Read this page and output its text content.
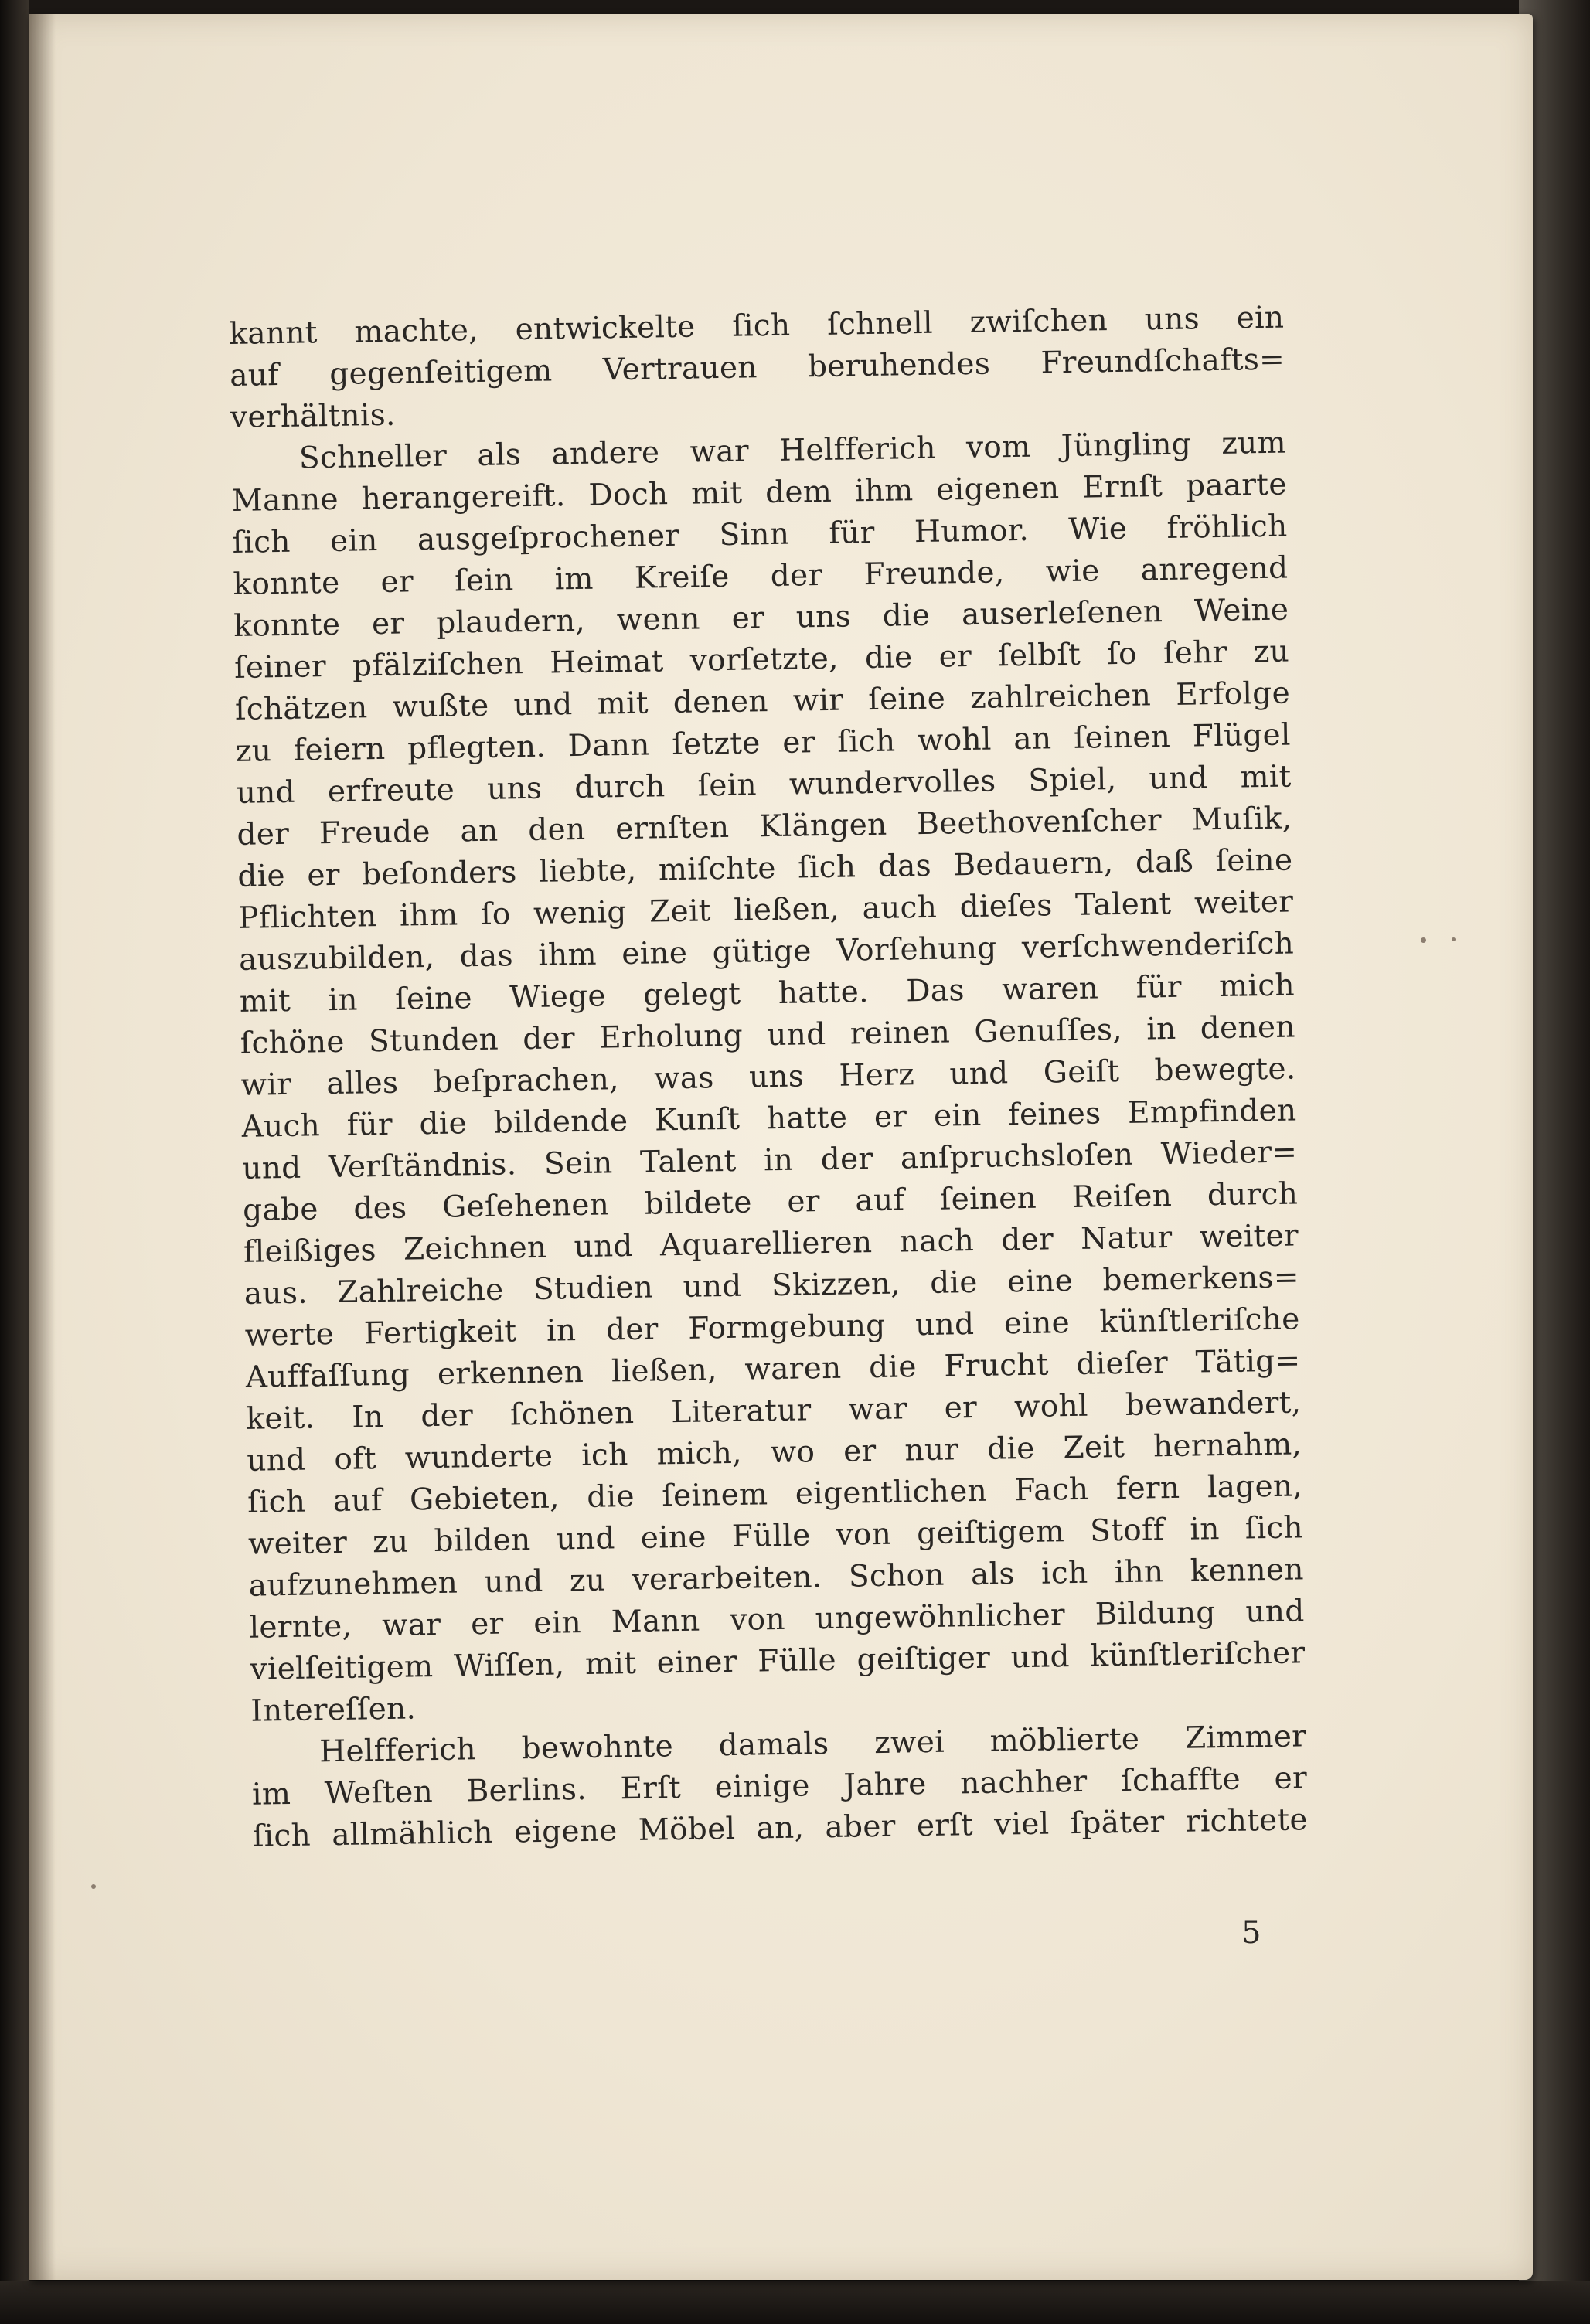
kannt machte, entwickelte ſich ſchnell zwiſchen uns ein
auf gegenſeitigem Vertrauen beruhendes Freundſchafts=
verhältnis.
Schneller als andere war Helfferich vom Jüngling zum
Manne herangereift. Doch mit dem ihm eigenen Ernſt paarte
ſich ein ausgeſprochener Sinn für Humor. Wie fröhlich
konnte er ſein im Kreiſe der Freunde, wie anregend
konnte er plaudern, wenn er uns die auserleſenen Weine
ſeiner pfälziſchen Heimat vorſetzte, die er ſelbſt ſo ſehr zu
ſchätzen wußte und mit denen wir ſeine zahlreichen Erfolge
zu feiern pflegten. Dann ſetzte er ſich wohl an ſeinen Flügel
und erfreute uns durch ſein wundervolles Spiel, und mit
der Freude an den ernſten Klängen Beethovenſcher Muſik,
die er beſonders liebte, miſchte ſich das Bedauern, daß ſeine
Pflichten ihm ſo wenig Zeit ließen, auch dieſes Talent weiter
auszubilden, das ihm eine gütige Vorſehung verſchwenderiſch
mit in ſeine Wiege gelegt hatte. Das waren für mich
ſchöne Stunden der Erholung und reinen Genuſſes, in denen
wir alles beſprachen, was uns Herz und Geiſt bewegte.
Auch für die bildende Kunſt hatte er ein feines Empfinden
und Verſtändnis. Sein Talent in der anſpruchsloſen Wieder=
gabe des Geſehenen bildete er auf ſeinen Reiſen durch
fleißiges Zeichnen und Aquarellieren nach der Natur weiter
aus. Zahlreiche Studien und Skizzen, die eine bemerkens=
werte Fertigkeit in der Formgebung und eine künſtleriſche
Auffaſſung erkennen ließen, waren die Frucht dieſer Tätig=
keit. In der ſchönen Literatur war er wohl bewandert,
und oft wunderte ich mich, wo er nur die Zeit hernahm,
ſich auf Gebieten, die ſeinem eigentlichen Fach fern lagen,
weiter zu bilden und eine Fülle von geiſtigem Stoff in ſich
aufzunehmen und zu verarbeiten. Schon als ich ihn kennen
lernte, war er ein Mann von ungewöhnlicher Bildung und
vielſeitigem Wiſſen, mit einer Fülle geiſtiger und künſtleriſcher
Intereſſen.
Helfferich bewohnte damals zwei möblierte Zimmer
im Weſten Berlins. Erſt einige Jahre nachher ſchaffte er
ſich allmählich eigene Möbel an, aber erſt viel ſpäter richtete
5
